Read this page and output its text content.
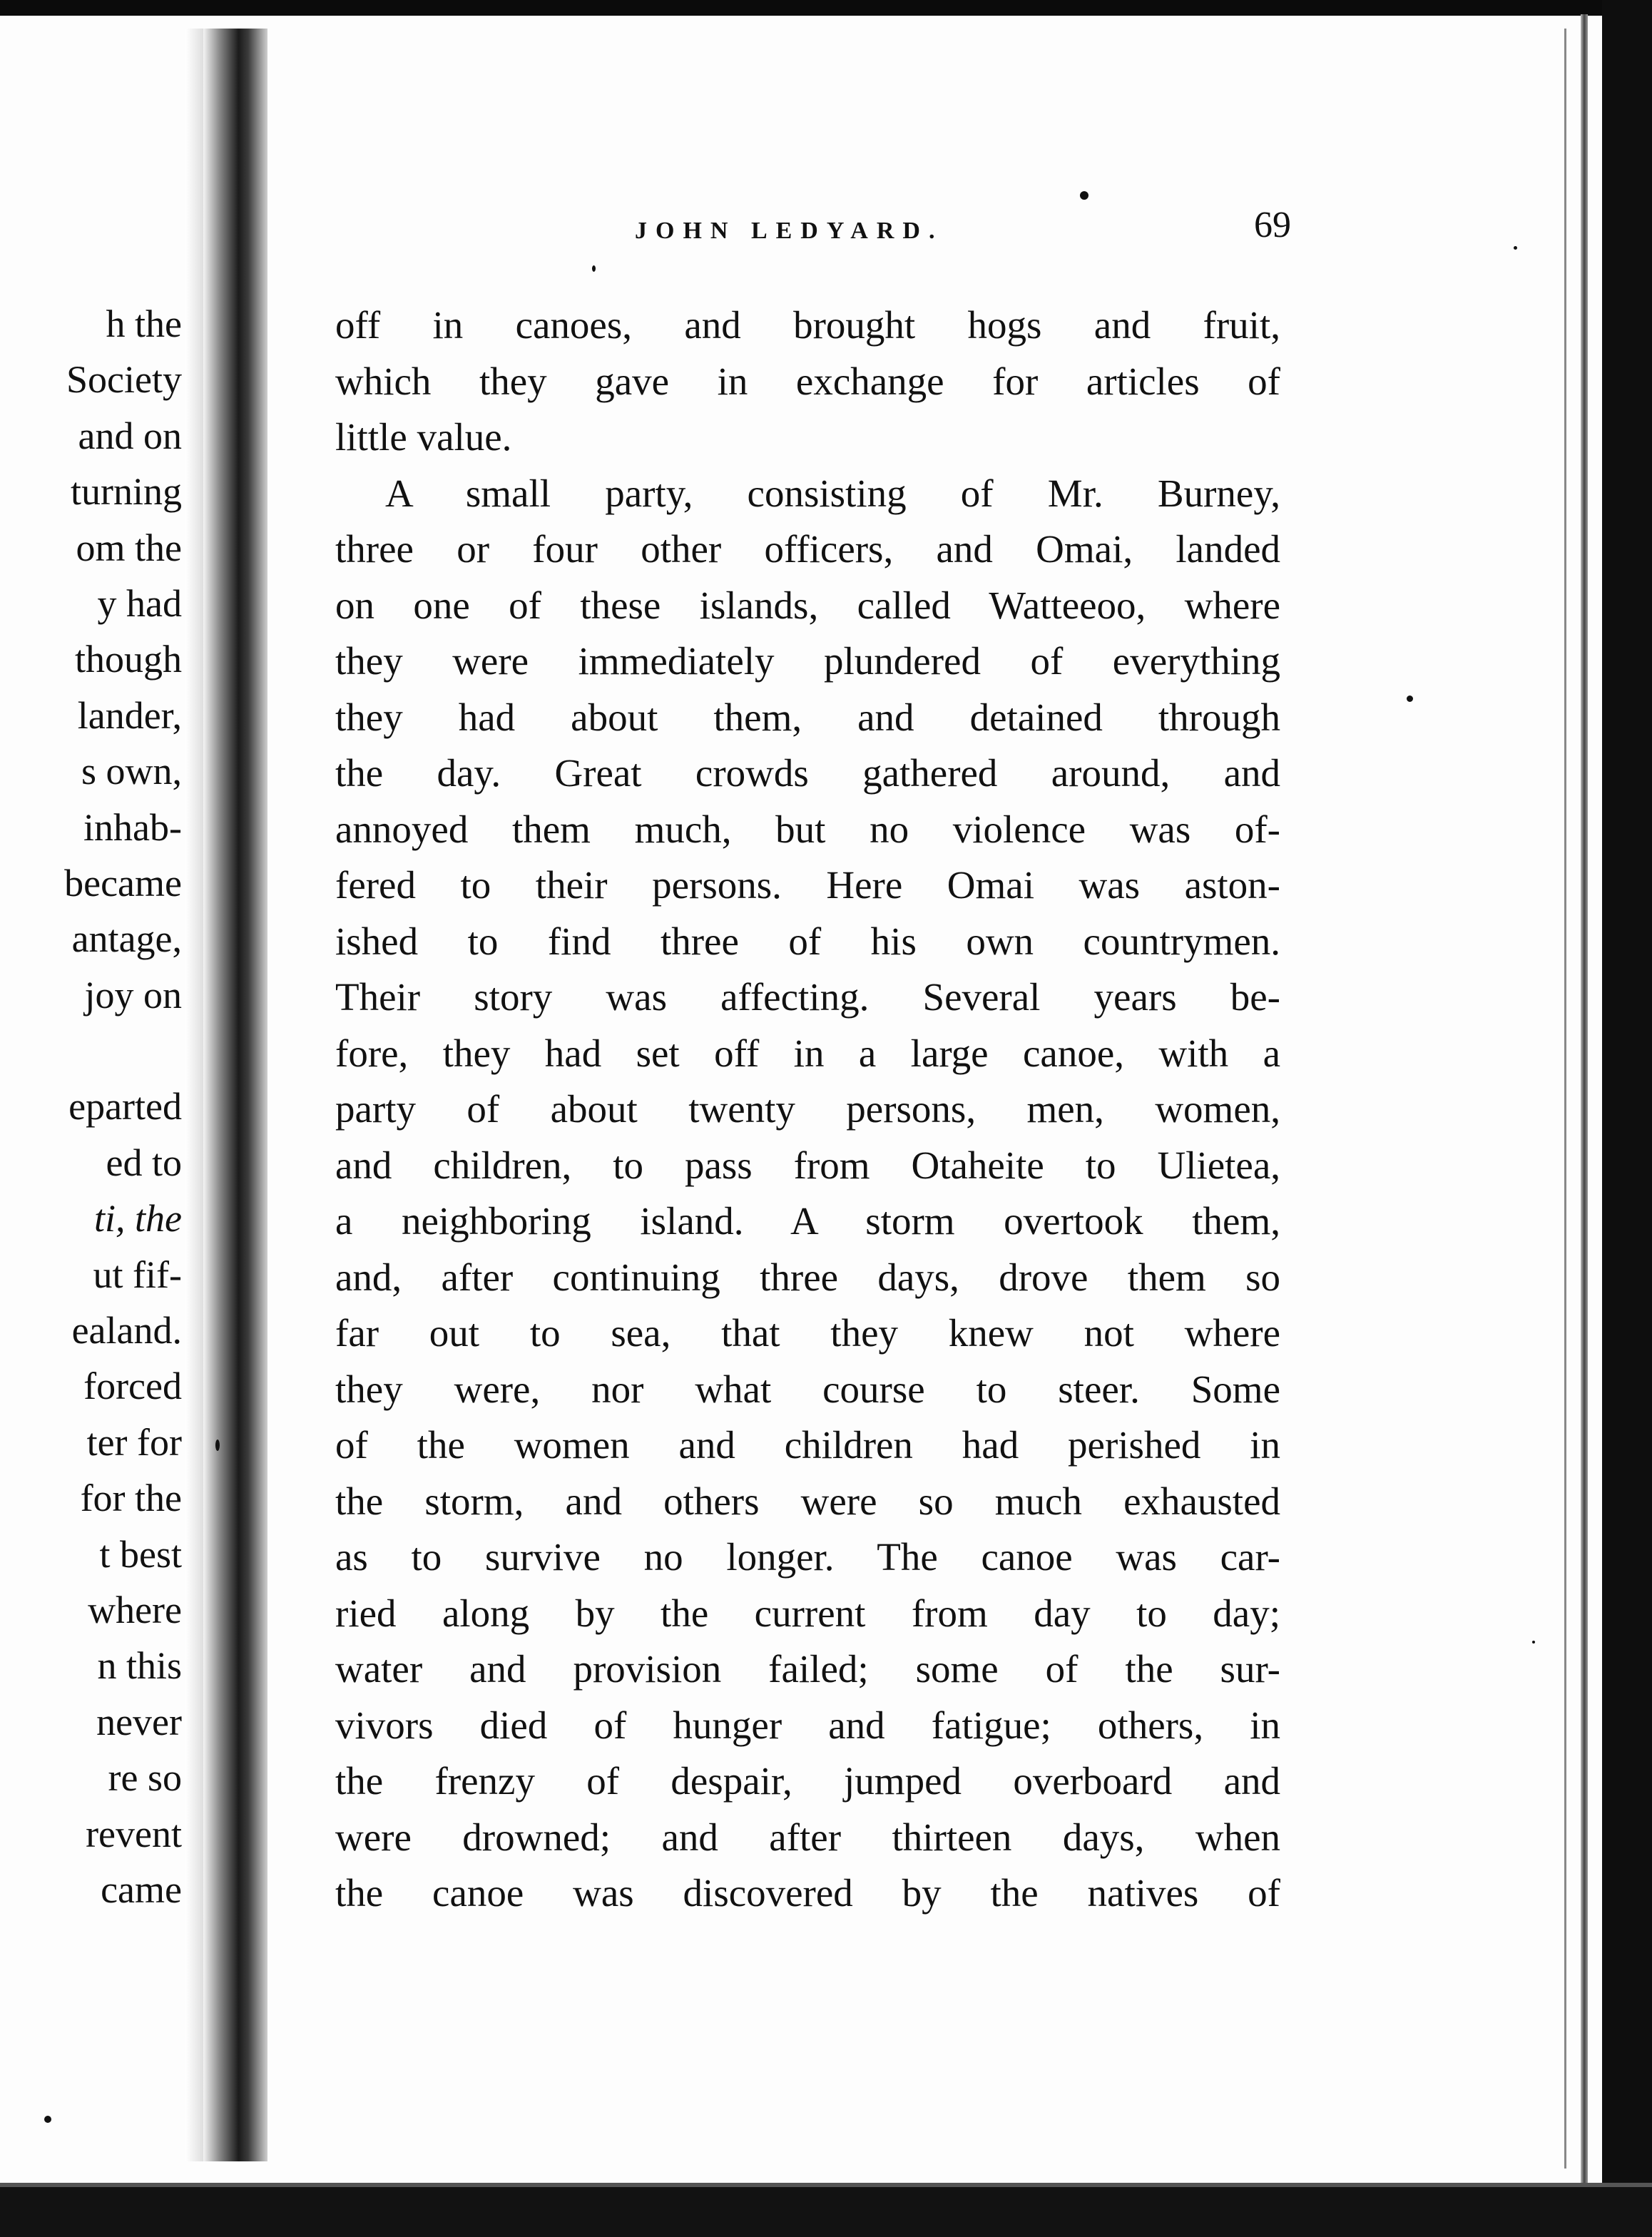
h the
Society
and on
turning
om the
y had
though
lander,
s own,
inhab-
became
antage,
joy on
eparted
ed to
ti, the
ut fif-
ealand.
forced
ter for
for the
t best
where
n this
never
re so
revent
came
JOHN LEDYARD.	69
off in canoes, and brought hogs and fruit,
which they gave in exchange for articles of
little value.
A small party, consisting of Mr. Burney,
three or four other officers, and Omai, landed
on one of these islands, called Watteeoo, where
they were immediately plundered of everything
they had about them, and detained through
the day. Great crowds gathered around, and
annoyed them much, but no violence was of-
fered to their persons. Here Omai was aston-
ished to find three of his own countrymen.
Their story was affecting. Several years be-
fore, they had set off in a large canoe, with a
party of about twenty persons, men, women,
and children, to pass from Otaheite to Ulietea,
a neighboring island. A storm overtook them,
and, after continuing three days, drove them so
far out to sea, that they knew not where
they were, nor what course to steer. Some
of the women and children had perished in
the storm, and others were so much exhausted
as to survive no longer. The canoe was car-
ried along by the current from day to day;
water and provision failed; some of the sur-
vivors died of hunger and fatigue; others, in
the frenzy of despair, jumped overboard and
were drowned; and after thirteen days, when
the canoe was discovered by the natives of
